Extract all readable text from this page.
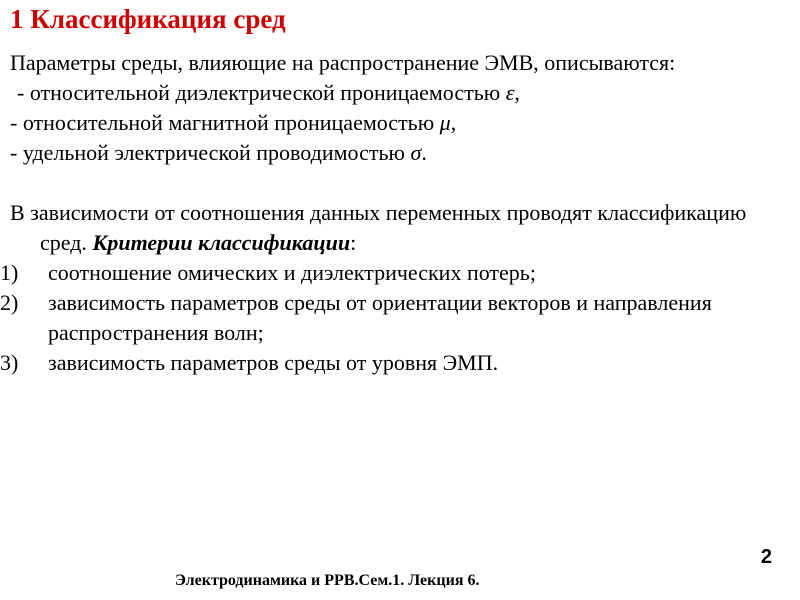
1 Классификация сред

Параметры среды, влияющие на распространение ЭМВ, описываются:

- относительной диэлектрической проницаемостью ε,

- относительной магнитной проницаемостью μ,

- удельной электрической проводимостью σ.

В зависимости от соотношения данных переменных проводят классификацию сред. Критерии классификации:

1) соотношение омических и диэлектрических потерь;

2) зависимость параметров среды от ориентации векторов и направления распространения волн;

3) зависимость параметров среды от уровня ЭМП.

2
Электродинамика и РРВ.Сем.1. Лекция 6.
